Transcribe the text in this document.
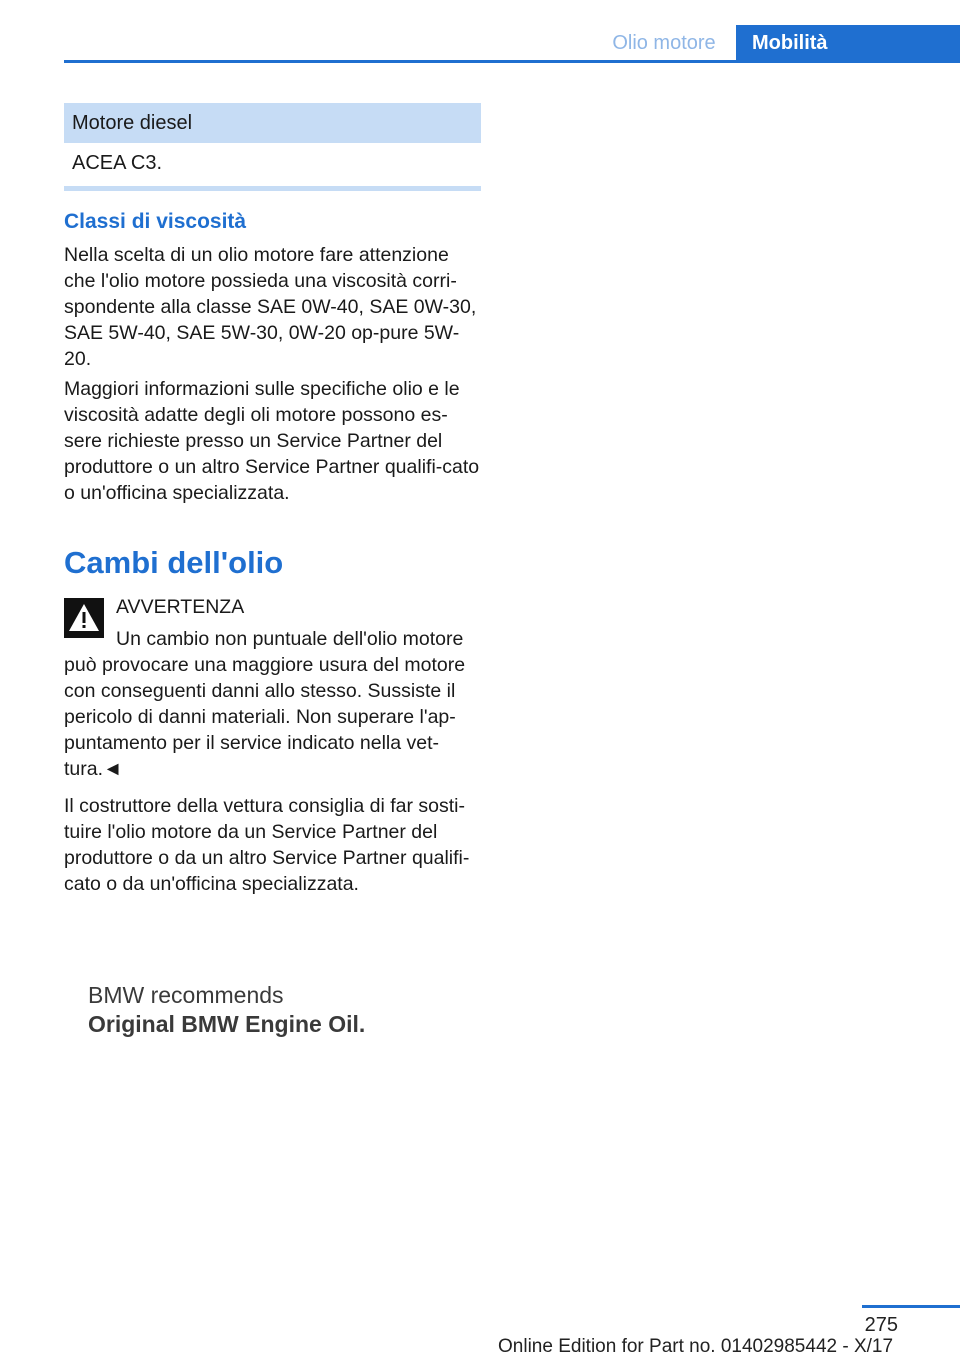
Olio motore	Mobilità
Motore diesel
ACEA C3.
Classi di viscosità
Nella scelta di un olio motore fare attenzione che l'olio motore possieda una viscosità corri-spondente alla classe SAE 0W-40, SAE 0W-30, SAE 5W-40, SAE 5W-30, 0W-20 op-pure 5W-20.
Maggiori informazioni sulle specifiche olio e le viscosità adatte degli oli motore possono es-sere richieste presso un Service Partner del produttore o un altro Service Partner qualifi-cato o un'officina specializzata.
Cambi dell'olio
AVVERTENZA
Un cambio non puntuale dell'olio motore può provocare una maggiore usura del motore con conseguenti danni allo stesso. Sussiste il pericolo di danni materiali. Non superare l'ap-puntamento per il service indicato nella vet-tura.◄
Il costruttore della vettura consiglia di far sosti-tuire l'olio motore da un Service Partner del produttore o da un altro Service Partner qualifi-cato o da un'officina specializzata.
BMW recommends
Original BMW Engine Oil.
275
Online Edition for Part no. 01402985442 - X/17
